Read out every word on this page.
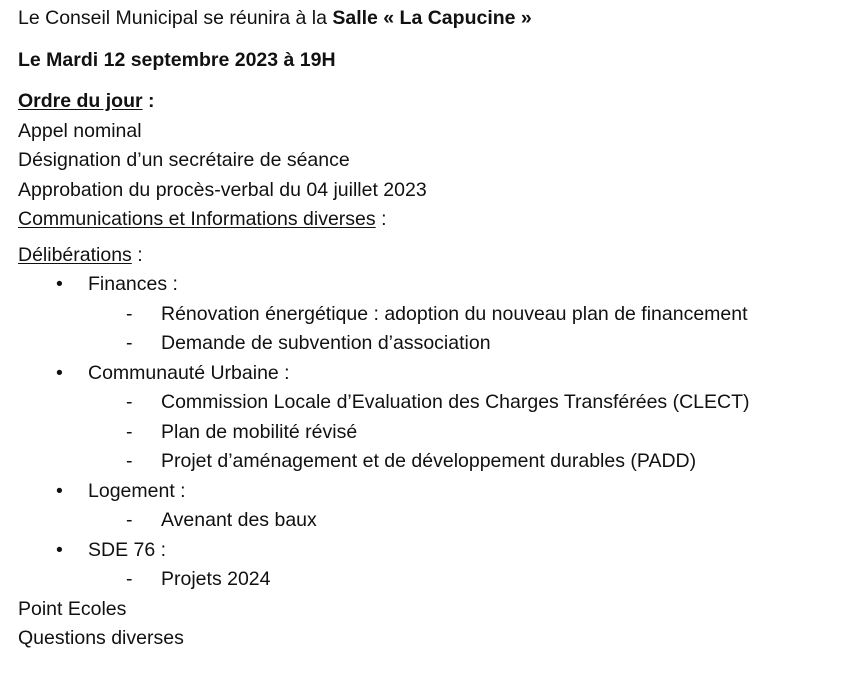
Le Conseil Municipal se réunira à la Salle « La Capucine »
Le Mardi 12 septembre 2023 à 19H
Ordre du jour :
Appel nominal
Désignation d’un secrétaire de séance
Approbation du procès-verbal du 04 juillet 2023
Communications et Informations diverses :
Délibérations :
• Finances :
- Rénovation énergétique : adoption du nouveau plan de financement
- Demande de subvention d’association
• Communauté Urbaine :
- Commission Locale d’Evaluation des Charges Transférées (CLECT)
- Plan de mobilité révisé
- Projet d’aménagement et de développement durables (PADD)
• Logement :
- Avenant des baux
• SDE 76 :
- Projets 2024
Point Ecoles
Questions diverses
